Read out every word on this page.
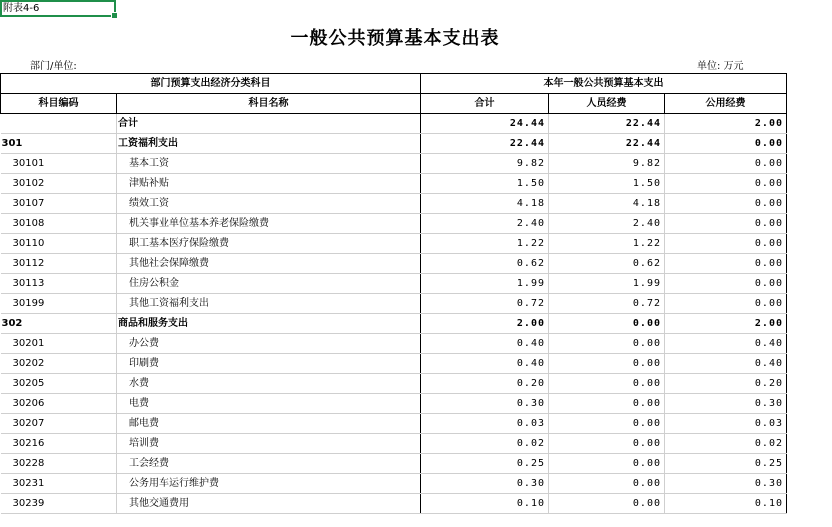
附表4-6
一般公共预算基本支出表
部门/单位:	单位: 万元
部门预算支出经济分类科目		本年一般公共预算基本支出		
科目编码	科目名称	合计	人员经费	公用经费
	合计	24.44	22.44	2.00
301	工资福利支出	22.44	22.44	0.00
30101	基本工资	9.82	9.82	0.00
30102	津贴补贴	1.50	1.50	0.00
30107	绩效工资	4.18	4.18	0.00
30108	机关事业单位基本养老保险缴费	2.40	2.40	0.00
30110	职工基本医疗保险缴费	1.22	1.22	0.00
30112	其他社会保障缴费	0.62	0.62	0.00
30113	住房公积金	1.99	1.99	0.00
30199	其他工资福利支出	0.72	0.72	0.00
302	商品和服务支出	2.00	0.00	2.00
30201	办公费	0.40	0.00	0.40
30202	印刷费	0.40	0.00	0.40
30205	水费	0.20	0.00	0.20
30206	电费	0.30	0.00	0.30
30207	邮电费	0.03	0.00	0.03
30216	培训费	0.02	0.00	0.02
30228	工会经费	0.25	0.00	0.25
30231	公务用车运行维护费	0.30	0.00	0.30
30239	其他交通费用	0.10	0.00	0.10
